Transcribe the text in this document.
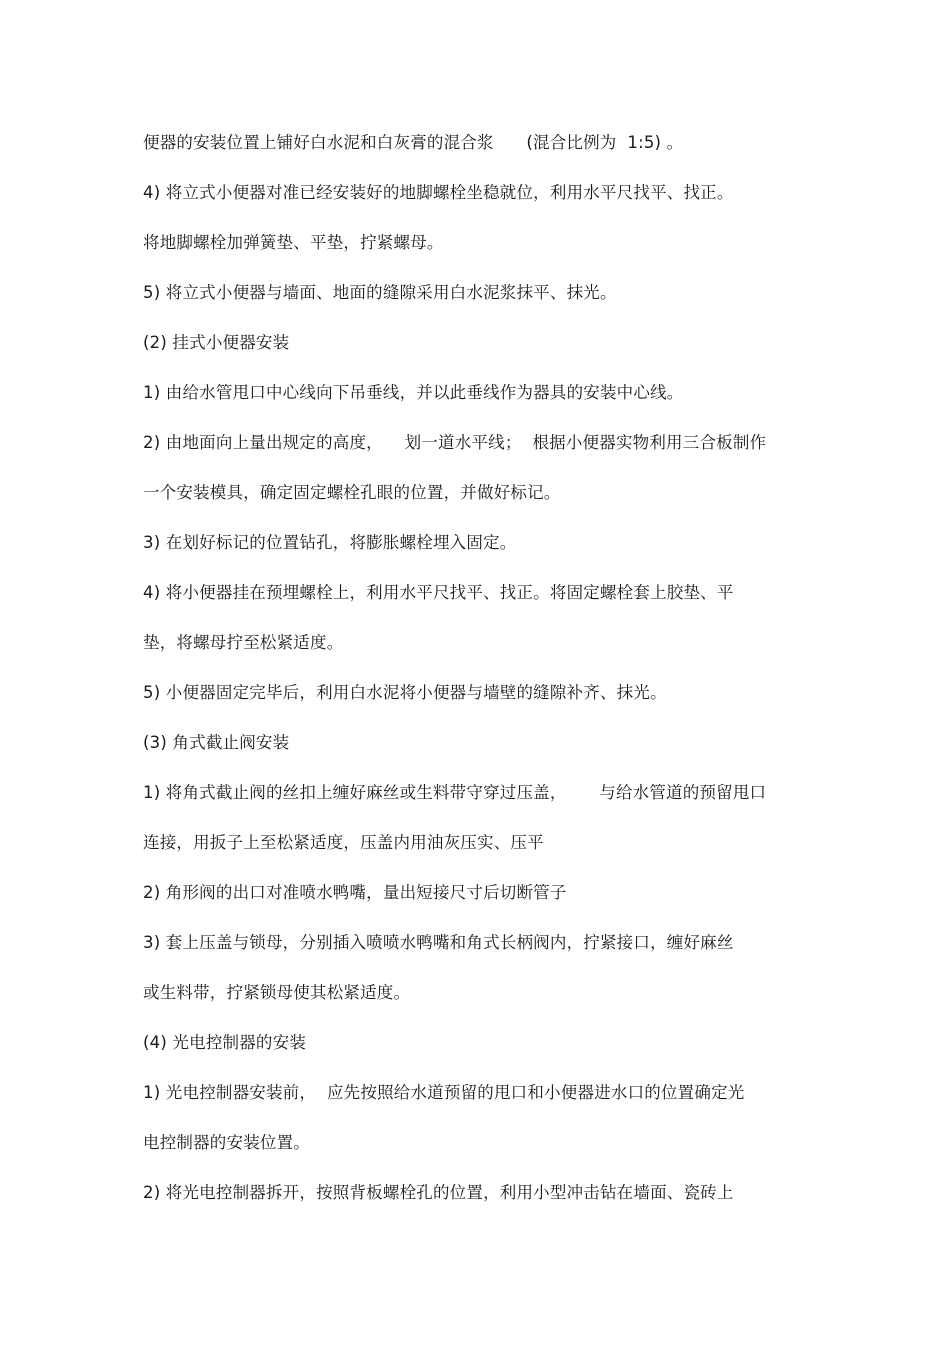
便器的安装位置上铺好白水泥和白灰膏的混合浆      (混合比例为  1:5) 。
4) 将立式小便器对准已经安装好的地脚螺栓坐稳就位，利用水平尺找平、找正。
将地脚螺栓加弹簧垫、平垫，拧紧螺母。
5) 将立式小便器与墙面、地面的缝隙采用白水泥浆抹平、抹光。
(2) 挂式小便器安装
1) 由给水管甩口中心线向下吊垂线，并以此垂线作为器具的安装中心线。
2) 由地面向上量出规定的高度，    划一道水平线；  根据小便器实物利用三合板制作
一个安装模具，确定固定螺栓孔眼的位置，并做好标记。
3) 在划好标记的位置钻孔，将膨胀螺栓埋入固定。
4) 将小便器挂在预埋螺栓上，利用水平尺找平、找正。将固定螺栓套上胶垫、平
垫，将螺母拧至松紧适度。
5) 小便器固定完毕后，利用白水泥将小便器与墙壁的缝隙补齐、抹光。
(3) 角式截止阀安装
1) 将角式截止阀的丝扣上缠好麻丝或生料带守穿过压盖，      与给水管道的预留甩口
连接，用扳子上至松紧适度，压盖内用油灰压实、压平
2) 角形阀的出口对准喷水鸭嘴，量出短接尺寸后切断管子
3) 套上压盖与锁母，分别插入喷喷水鸭嘴和角式长柄阀内，拧紧接口，缠好麻丝
或生料带，拧紧锁母使其松紧适度。
(4) 光电控制器的安装
1) 光电控制器安装前，  应先按照给水道预留的甩口和小便器进水口的位置确定光
电控制器的安装位置。
2) 将光电控制器拆开，按照背板螺栓孔的位置，利用小型冲击钻在墙面、瓷砖上
